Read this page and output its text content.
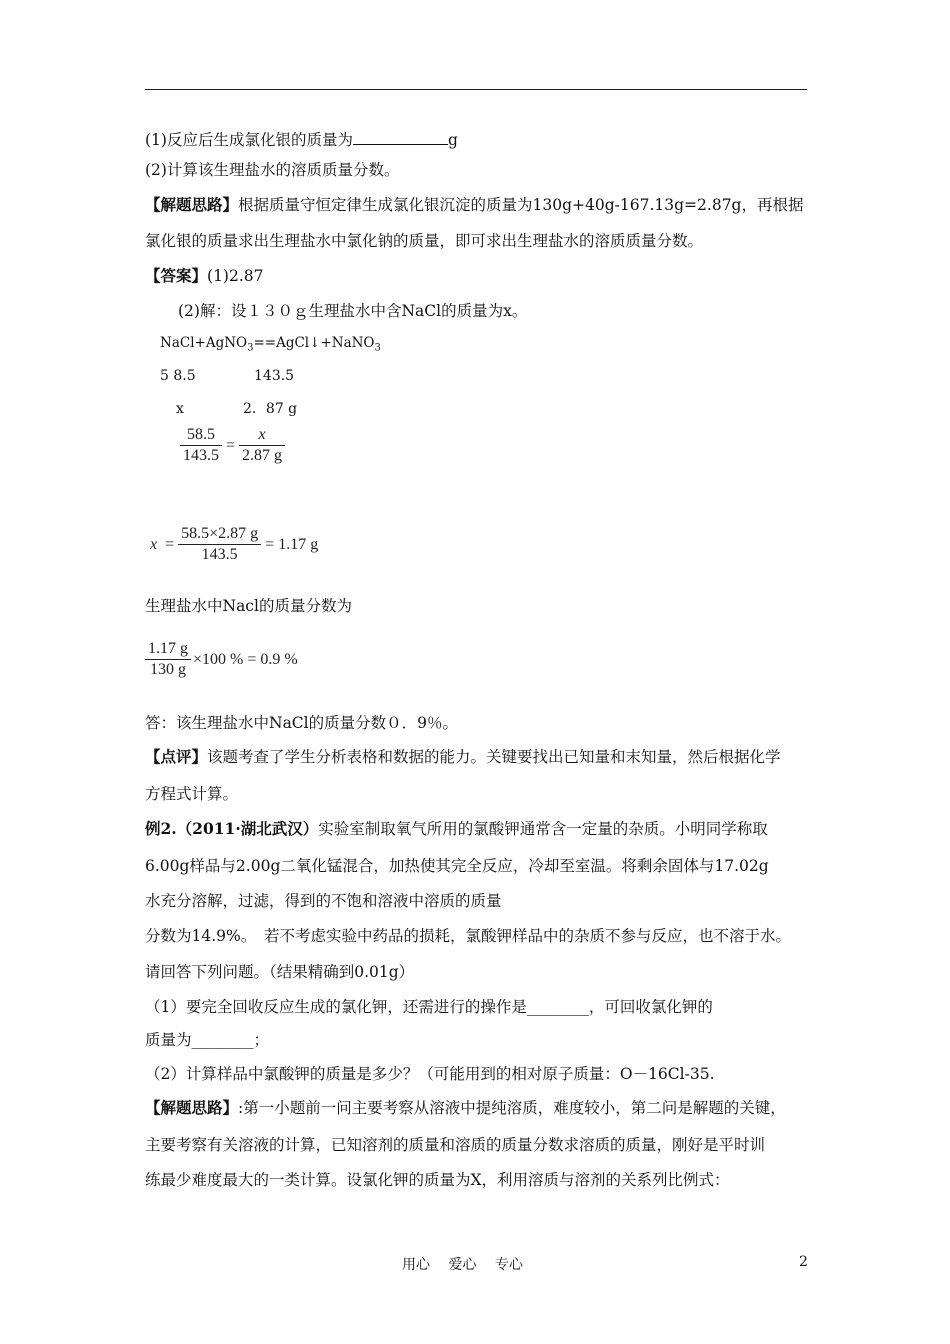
(1)反应后生成氯化银的质量为	g
(2)计算该生理盐水的溶质质量分数。
【解题思路】根据质量守恒定律生成氯化银沉淀的质量为130g+40g-167.13g=2.87g，再根据
氯化银的质量求出生理盐水中氯化钠的质量，即可求出生理盐水的溶质质量分数。
【答案】(1)2.87
(2)解：设１３０ｇ生理盐水中含NaCl的质量为x。
NaCl+AgNO$_3$==AgCl↓+NaNO$_3$
5 8.5	143.5
x	2．87 g
$\frac{58.5}{143.5} = \frac{x}{2.87 g}$
$x = \frac{58.5\times 2.87 g}{143.5} = 1.17$ g
生理盐水中Nacl的质量分数为
$\frac{1.17 g}{130 g} \times 100$ % = 0.9 %
答：该生理盐水中NaCl的质量分数０．9％。
【点评】该题考查了学生分析表格和数据的能力。关键要找出已知量和末知量，然后根据化学
方程式计算。
例2.（2011·湖北武汉）实验室制取氧气所用的氯酸钾通常含一定量的杂质。小明同学称取
6.00g样品与2.00g二氧化锰混合，加热使其完全反应，冷却至室温。将剩余固体与17.02g
水充分溶解，过滤，得到的不饱和溶液中溶质的质量
分数为14.9%。　若不考虑实验中药品的损耗，氯酸钾样品中的杂质不参与反应，也不溶于水。
请回答下列问题。（结果精确到0.01g）
（1）要完全回收反应生成的氯化钾，还需进行的操作是________，可回收氯化钾的
质量为________；
（2）计算样品中氯酸钾的质量是多少？（可能用到的相对原子质量：O－16Cl-35.
【解题思路】:第一小题前一问主要考察从溶液中提纯溶质，难度较小，第二问是解题的关键，
主要考察有关溶液的计算，已知溶剂的质量和溶质的质量分数求溶质的质量，刚好是平时训
练最少难度最大的一类计算。设氯化钾的质量为X，利用溶质与溶剂的关系列比例式：
用心　 爱心　 专心	2
